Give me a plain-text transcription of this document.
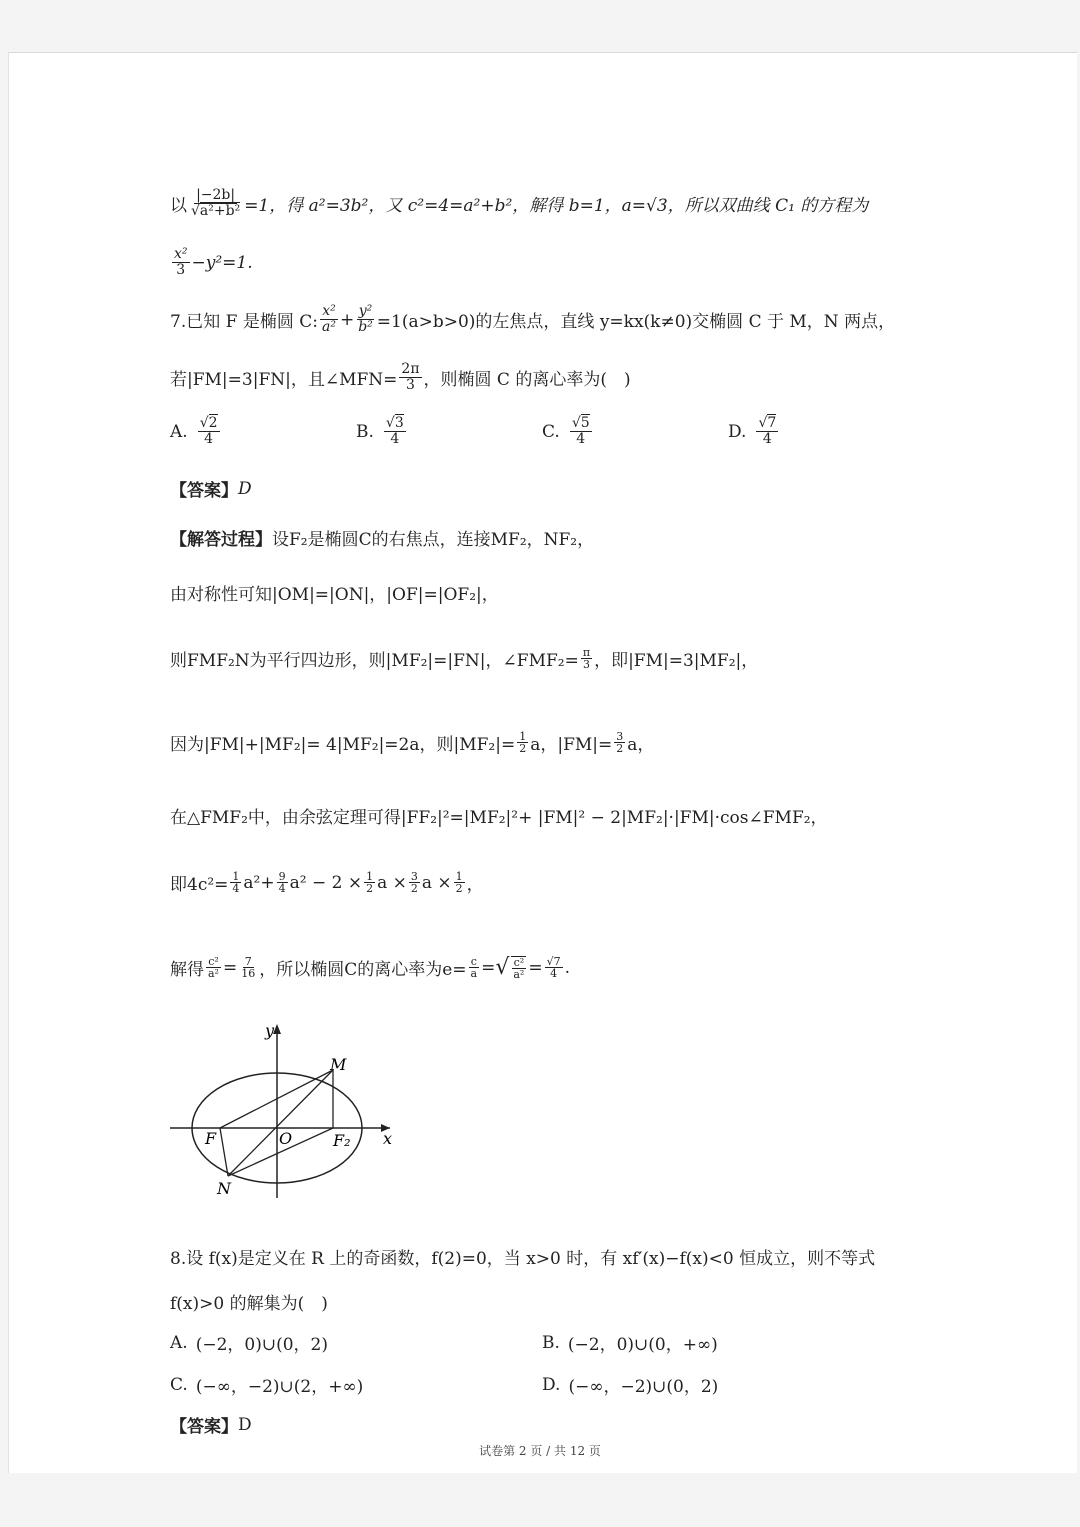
以 $\frac{|-2b|}{\text{√a²+b²}} =1$，得 a²=3b²，又 c²=4=a²+b²，解得 b=1，a=√3，所以双曲线 C₁ 的方程为
$\frac{\text{x²}}{3} -y^2=1$.
7.已知 F 是椭圆 C: $\frac{\text{x²}}{\text{a²}} + \frac{\text{y²}}{\text{b²}} =1(a>b>0)$的左焦点，直线 y=kx(k≠0)交椭圆 C 于 M，N 两点，
若|FM|=3|FN|，且∠MFN= $\frac{2\pi}{3}$ ，则椭圆 C 的离心率为(　)
A. $\frac{√2}{4}$	B. $\frac{√3}{4}$	C. $\frac{√5}{4}$	D. $\frac{√7}{4}$
【答案】 D
【解答过程】 设F₂是椭圆C的右焦点，连接MF₂，NF₂，
由对称性可知|OM|=|ON|，|OF|=|OF₂|，
则FMF₂N为平行四边形，则|MF₂|=|FN|，∠FMF₂= $\frac{\pi}{3}$ ，即|FM|=3|MF₂|，
因为|FM|+|MF₂|= 4|MF₂|=2a，则$|MF_2|= \frac{1}{2}$ a，$|FM|= \frac{3}{2}$ a，
在△FMF₂中，由余弦定理可得|FF₂|²=|MF₂|²+ |FM|² − 2|MF₂|·|FM|·cos∠FMF₂，
即$4c^2= \frac{1}{4} a^2+ \frac{9}{4} a^2 - 2 \times \frac{1}{2}$ $a \times \frac{3}{2}$ $a \times \frac{1}{2}$ ，
解得 $\frac{\text{c²}}{\text{a²}} = \frac{7}{16}$ ，所以椭圆C的离心率为$e= \frac{c}{a}$ = √ $\frac{\text{c²}}{\text{a²}} = \frac{√7}{4}$ .
y
x
M
N
F	O	F₂
8.设 f(x)是定义在 R 上的奇函数，f(2)=0，当 x>0 时，有 xf′(x)−f(x)<0 恒成立，则不等式
f(x)>0 的解集为(　)
A. (−2，0)∪(0，2)	B. (−2，0)∪(0，+∞)
C. (−∞，−2)∪(2，+∞)	D. (−∞，−2)∪(0，2)
【答案】 D
试卷第 2 页 / 共 12 页
